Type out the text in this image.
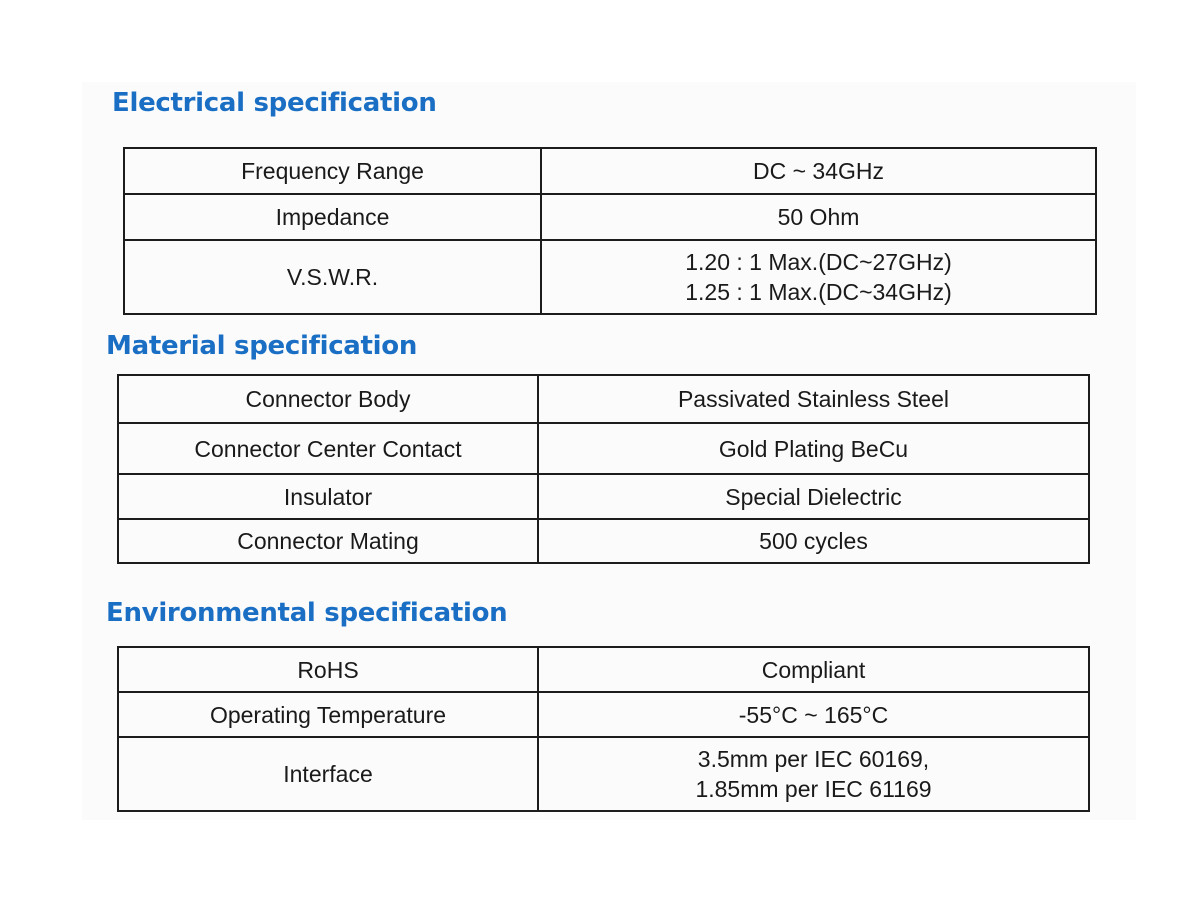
Electrical specification
Frequency Range	DC ~ 34GHz
Impedance	50 Ohm
V.S.W.R.	1.20 : 1 Max.(DC~27GHz)
1.25 : 1 Max.(DC~34GHz)
Material specification
Connector Body	Passivated Stainless Steel
Connector Center Contact	Gold Plating BeCu
Insulator	Special Dielectric
Connector Mating	500 cycles
Environmental specification
RoHS	Compliant
Operating Temperature	-55°C ~ 165°C
Interface	3.5mm per IEC 60169,
1.85mm per IEC 61169
